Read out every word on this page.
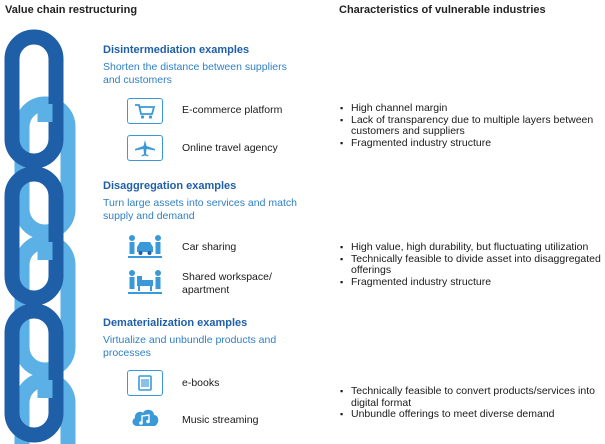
Value chain restructuring	Characteristics of vulnerable industries
Disintermediation examples
Shorten the distance between suppliers and customers
E-commerce platform
Online travel agency
▪ High channel margin
▪ Lack of transparency due to multiple layers between customers and suppliers
▪ Fragmented industry structure
Disaggregation examples
Turn large assets into services and match supply and demand
Car sharing
Shared workspace/ apartment
▪ High value, high durability, but fluctuating utilization
▪ Technically feasible to divide asset into disaggregated offerings
▪ Fragmented industry structure
Dematerialization examples
Virtualize and unbundle products and processes
e-books
Music streaming
▪ Technically feasible to convert products/services into digital format
▪ Unbundle offerings to meet diverse demand
